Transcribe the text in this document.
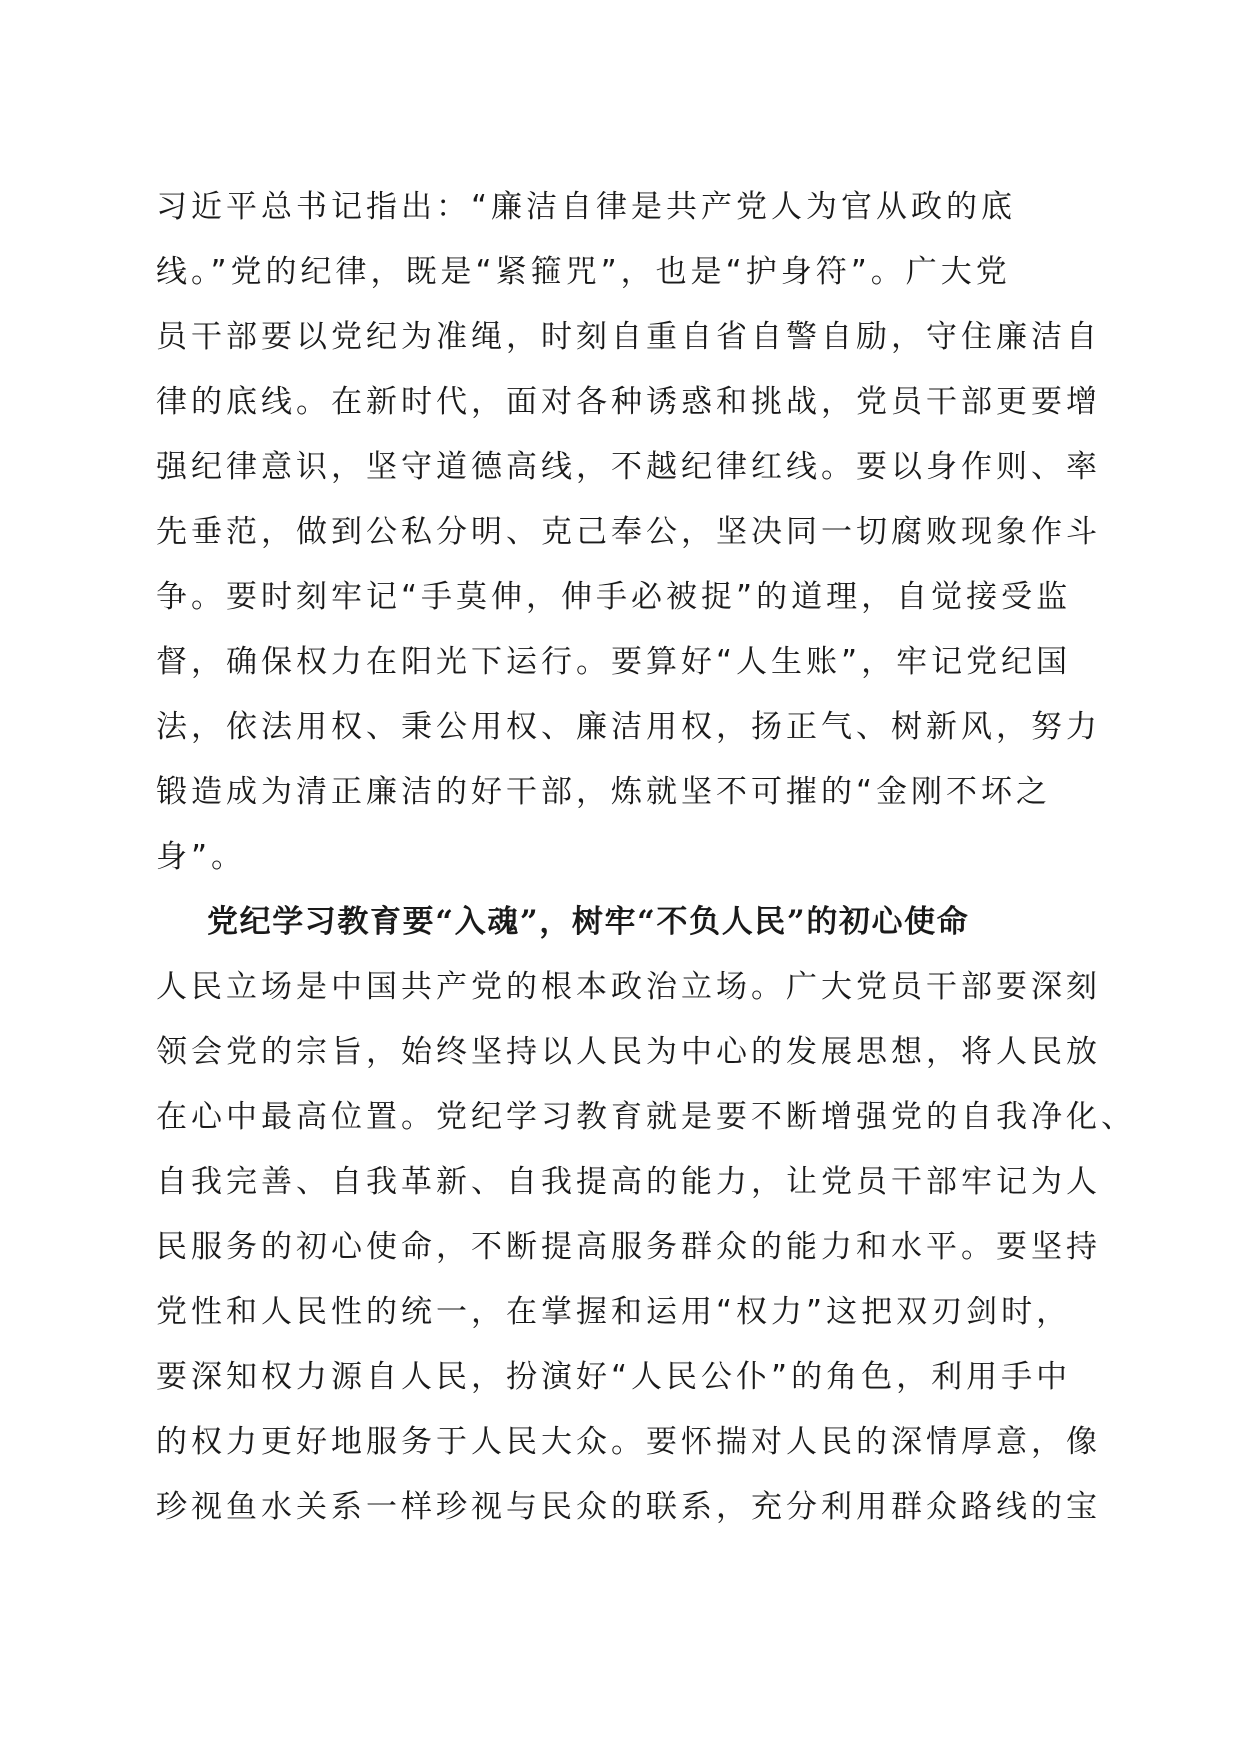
习近平总书记指出：“廉洁自律是共产党人为官从政的底
线。”党的纪律，既是“紧箍咒”，也是“护身符”。广大党
员干部要以党纪为准绳，时刻自重自省自警自励，守住廉洁自
律的底线。在新时代，面对各种诱惑和挑战，党员干部更要增
强纪律意识，坚守道德高线，不越纪律红线。要以身作则、率
先垂范，做到公私分明、克己奉公，坚决同一切腐败现象作斗
争。要时刻牢记“手莫伸，伸手必被捉”的道理，自觉接受监
督，确保权力在阳光下运行。要算好“人生账”，牢记党纪国
法，依法用权、秉公用权、廉洁用权，扬正气、树新风，努力
锻造成为清正廉洁的好干部，炼就坚不可摧的“金刚不坏之
身”。
党纪学习教育要“入魂”，树牢“不负人民”的初心使命
人民立场是中国共产党的根本政治立场。广大党员干部要深刻
领会党的宗旨，始终坚持以人民为中心的发展思想，将人民放
在心中最高位置。党纪学习教育就是要不断增强党的自我净化、
自我完善、自我革新、自我提高的能力，让党员干部牢记为人
民服务的初心使命，不断提高服务群众的能力和水平。要坚持
党性和人民性的统一，在掌握和运用“权力”这把双刃剑时，
要深知权力源自人民，扮演好“人民公仆”的角色，利用手中
的权力更好地服务于人民大众。要怀揣对人民的深情厚意，像
珍视鱼水关系一样珍视与民众的联系，充分利用群众路线的宝
